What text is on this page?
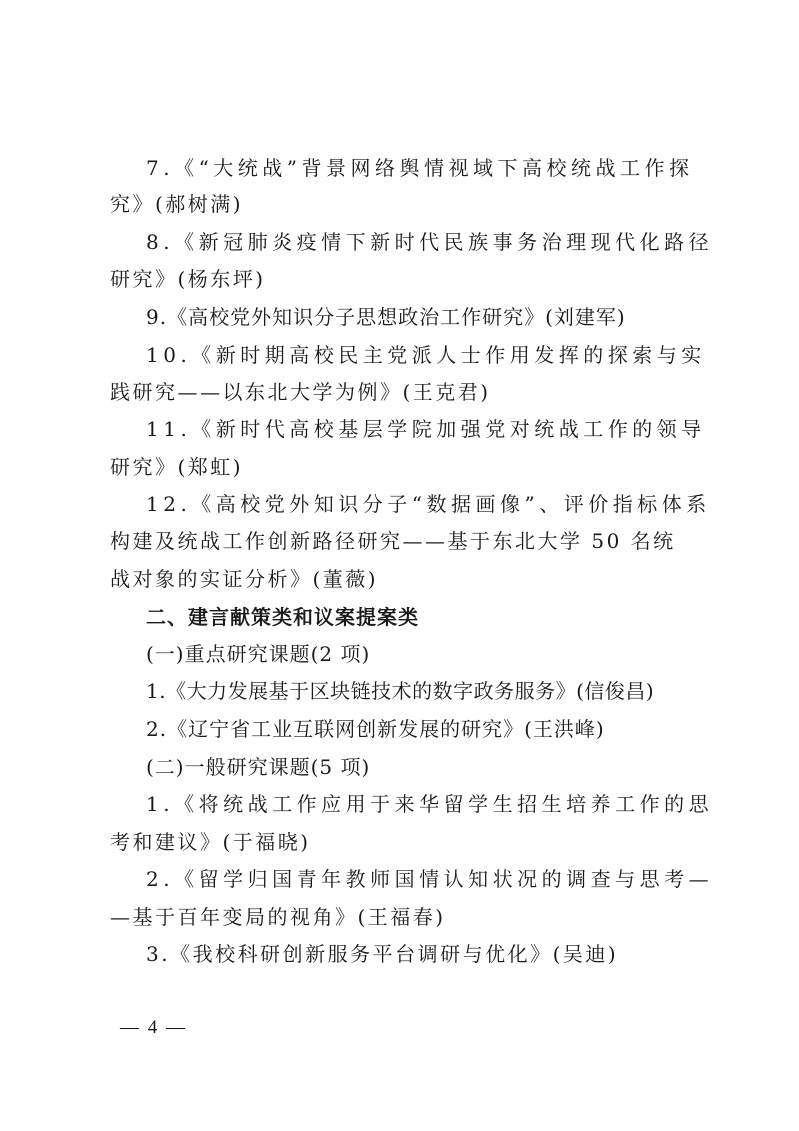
7.《“大统战”背景网络舆情视域下高校统战工作探
究》(郝树满)
8.《新冠肺炎疫情下新时代民族事务治理现代化路径
研究》(杨东坪)
9.《高校党外知识分子思想政治工作研究》(刘建军)
10.《新时期高校民主党派人士作用发挥的探索与实
践研究——以东北大学为例》(王克君)
11.《新时代高校基层学院加强党对统战工作的领导
研究》(郑虹)
12.《高校党外知识分子“数据画像”、评价指标体系
构建及统战工作创新路径研究——基于东北大学 50 名统
战对象的实证分析》(董薇)
二、建言献策类和议案提案类
(一)重点研究课题(2 项)
1.《大力发展基于区块链技术的数字政务服务》(信俊昌)
2.《辽宁省工业互联网创新发展的研究》(王洪峰)
(二)一般研究课题(5 项)
1.《将统战工作应用于来华留学生招生培养工作的思
考和建议》(于福晓)
2.《留学归国青年教师国情认知状况的调查与思考—
—基于百年变局的视角》(王福春)
3.《我校科研创新服务平台调研与优化》(吴迪)
— 4 —
